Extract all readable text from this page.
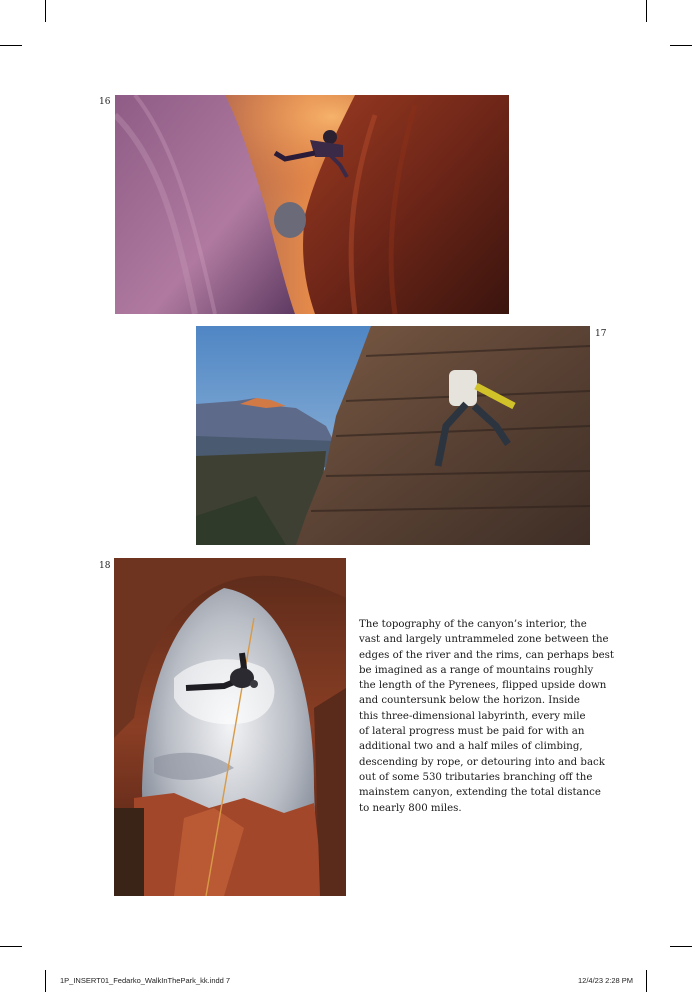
16
17
18

The topography of the canyon’s interior, the
vast and largely untrammeled zone between the
edges of the river and the rims, can perhaps best
be imagined as a range of mountains roughly
the length of the Pyrenees, flipped upside down
and countersunk below the horizon. Inside
this three-dimensional labyrinth, every mile
of lateral progress must be paid for with an
additional two and a half miles of climbing,
descending by rope, or detouring into and back
out of some 530 tributaries branching off the
mainstem canyon, extending the total distance
to nearly 800 miles.

1P_INSERT01_Fedarko_WalkInThePark_kk.indd 7	12/4/23 2:28 PM
